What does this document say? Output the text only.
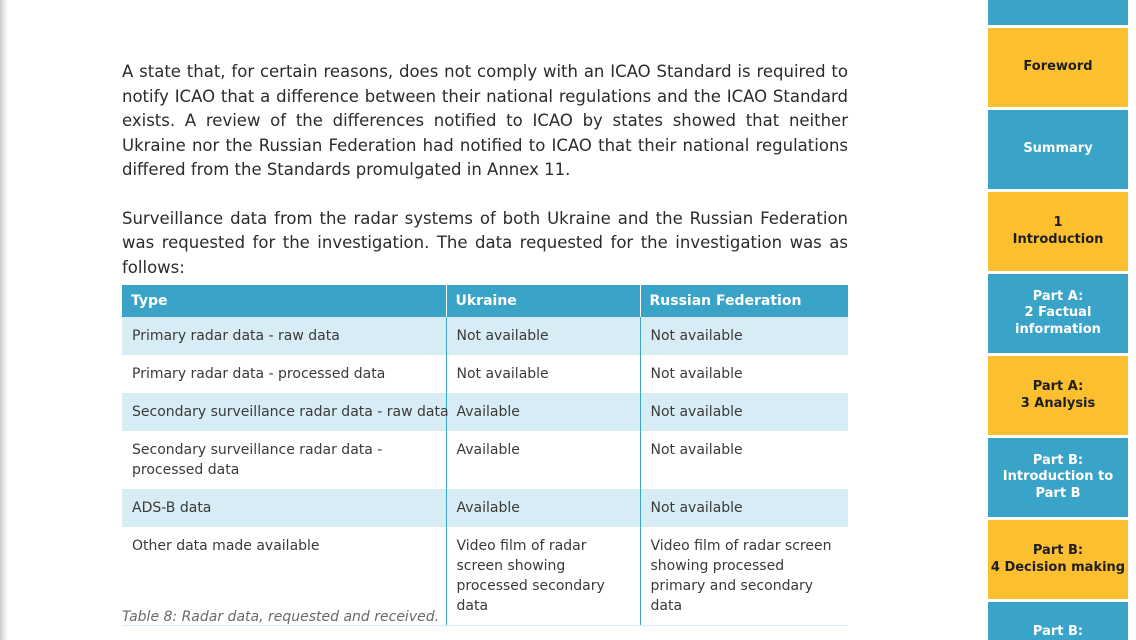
A state that, for certain reasons, does not comply with an ICAO Standard is required to notify ICAO that a difference between their national regulations and the ICAO Standard exists. A review of the differences notified to ICAO by states showed that neither Ukraine nor the Russian Federation had notified to ICAO that their national regulations differed from the Standards promulgated in Annex 11.

Surveillance data from the radar systems of both Ukraine and the Russian Federation was requested for the investigation. The data requested for the investigation was as follows:

Type	Ukraine	Russian Federation
Primary radar data - raw data	Not available	Not available
Primary radar data - processed data	Not available	Not available
Secondary surveillance radar data - raw data	Available	Not available
Secondary surveillance radar data - processed data	Available	Not available
ADS-B data	Available	Not available
Other data made available	Video film of radar screen showing processed secondary data	Video film of radar screen showing processed primary and secondary data

Table 8: Radar data, requested and received.

Foreword
Summary
1
Introduction
Part A:
2 Factual
information
Part A:
3 Analysis
Part B:
Introduction to
Part B
Part B:
4 Decision making
Part B:
